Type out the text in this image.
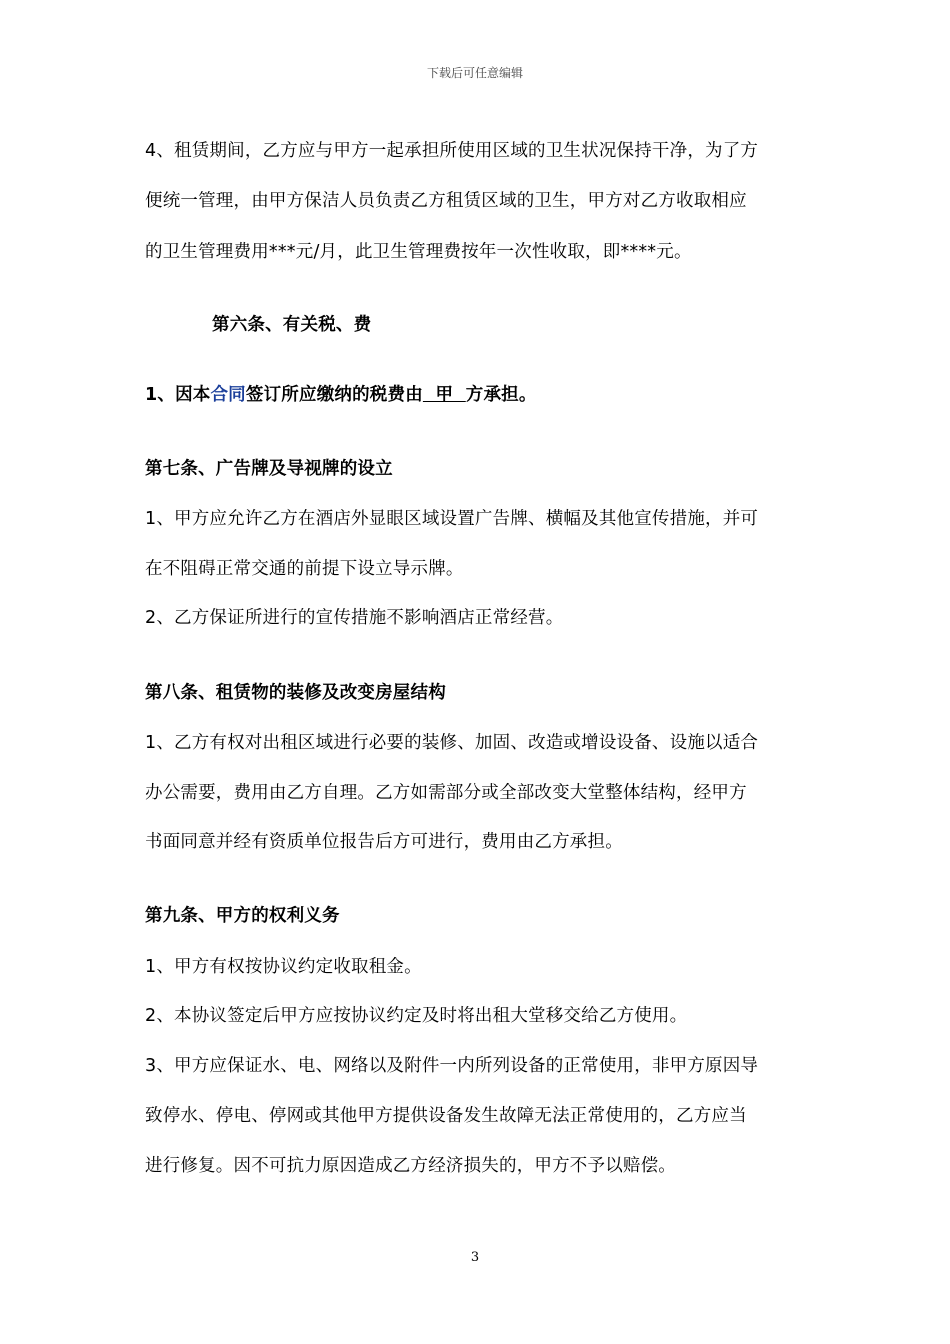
下载后可任意编辑
4、租赁期间，乙方应与甲方一起承担所使用区域的卫生状况保持干净，为了方
便统一管理，由甲方保洁人员负责乙方租赁区域的卫生，甲方对乙方收取相应
的卫生管理费用***元/月，此卫生管理费按年一次性收取，即****元。
第六条、有关税、费
1、因本合同签订所应缴纳的税费由  甲  方承担。
第七条、广告牌及导视牌的设立
1、甲方应允许乙方在酒店外显眼区域设置广告牌、横幅及其他宣传措施，并可
在不阻碍正常交通的前提下设立导示牌。
2、乙方保证所进行的宣传措施不影响酒店正常经营。
第八条、租赁物的装修及改变房屋结构
1、乙方有权对出租区域进行必要的装修、加固、改造或增设设备、设施以适合
办公需要，费用由乙方自理。乙方如需部分或全部改变大堂整体结构，经甲方
书面同意并经有资质单位报告后方可进行，费用由乙方承担。
第九条、甲方的权利义务
1、甲方有权按协议约定收取租金。
2、本协议签定后甲方应按协议约定及时将出租大堂移交给乙方使用。
3、甲方应保证水、电、网络以及附件一内所列设备的正常使用，非甲方原因导
致停水、停电、停网或其他甲方提供设备发生故障无法正常使用的，乙方应当
进行修复。因不可抗力原因造成乙方经济损失的，甲方不予以赔偿。
3
